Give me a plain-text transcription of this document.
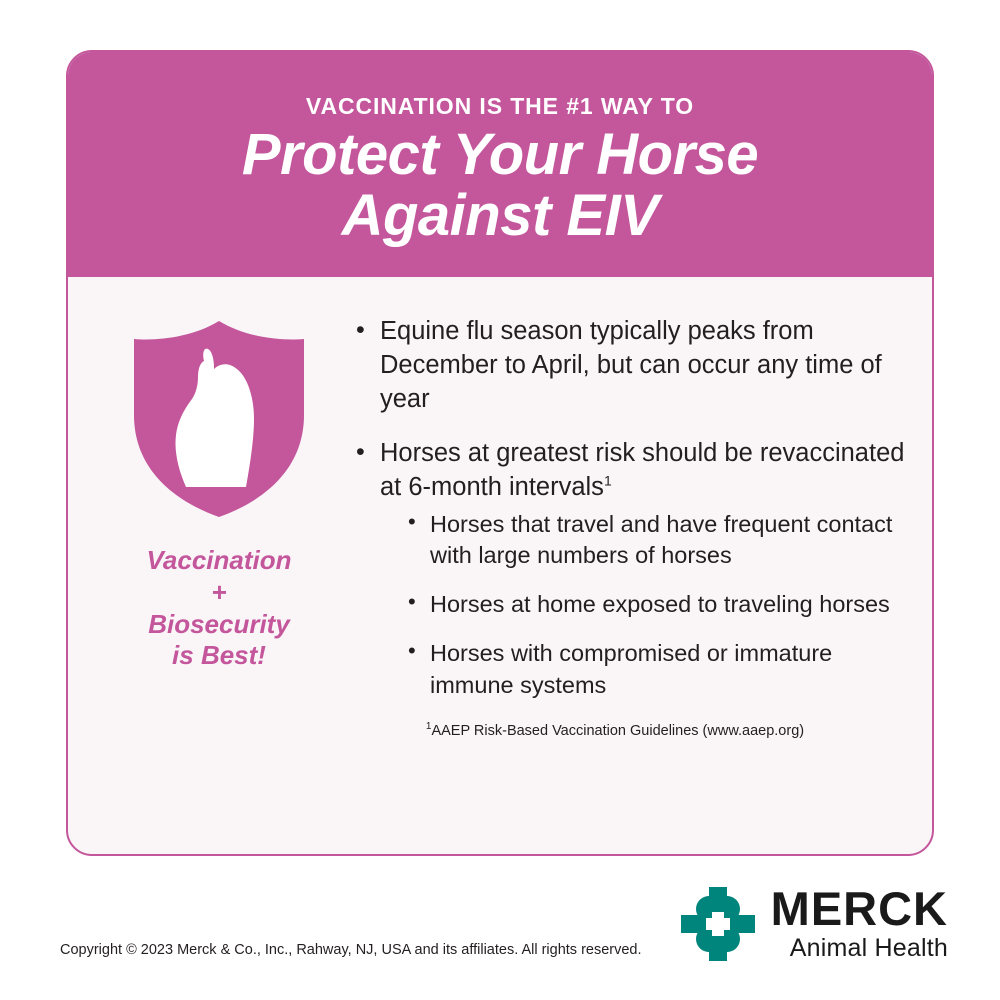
VACCINATION IS THE #1 WAY TO

Protect Your Horse
Against EIV
Vaccination
+
Biosecurity
is Best!
• Equine flu season typically peaks from December to April, but can occur any time of year
• Horses at greatest risk should be revaccinated at 6-month intervals$^1$
• Horses that travel and have frequent contact with large numbers of horses
• Horses at home exposed to traveling horses
• Horses with compromised or immature immune systems
$^1$AAEP Risk-Based Vaccination Guidelines (www.aaep.org)
Copyright © 2023 Merck & Co., Inc., Rahway, NJ, USA and its affiliates. All rights reserved.
MERCK
Animal Health
